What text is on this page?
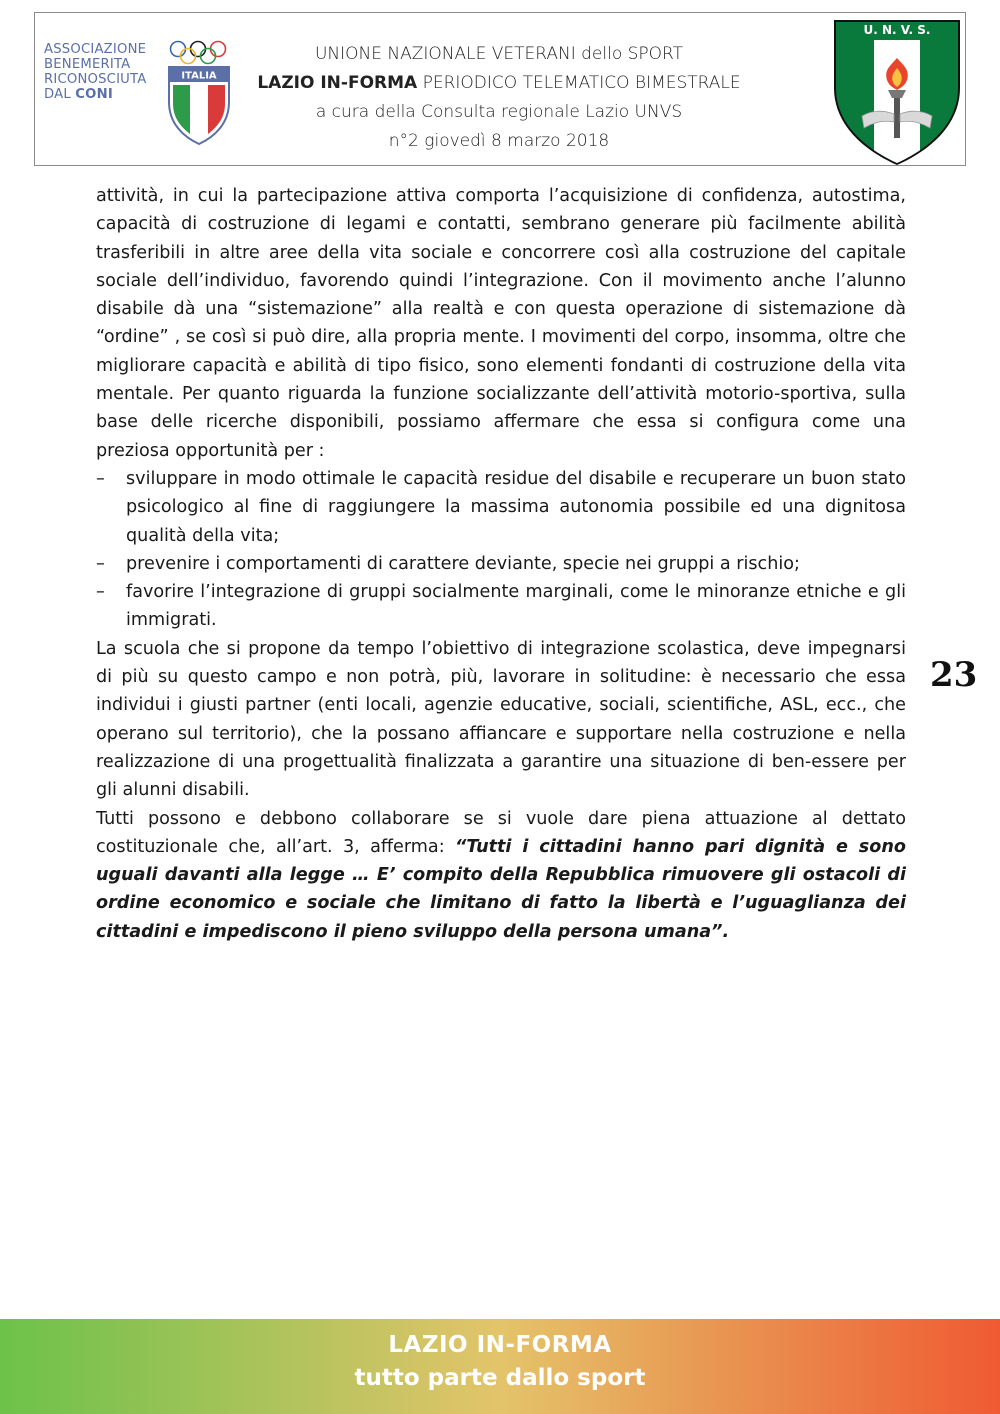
ASSOCIAZIONE
BENEMERITA
RICONOSCIUTA
DAL CONI
ITALIA
UNIONE NAZIONALE VETERANI dello SPORT
LAZIO IN-FORMA PERIODICO TELEMATICO BIMESTRALE
a cura della Consulta regionale Lazio UNVS
n°2 giovedì 8 marzo 2018
U. N. V. S.
23

attività, in cui la partecipazione attiva comporta l’acquisizione di confidenza, autostima, capacità di costruzione di legami e contatti, sembrano generare più facilmente abilità trasferibili in altre aree della vita sociale e concorrere così alla costruzione del capitale sociale dell’individuo, favorendo quindi l’integrazione. Con il movimento anche l’alunno disabile dà una “sistemazione” alla realtà e con questa operazione di sistemazione dà “ordine” , se così si può dire, alla propria mente. I movimenti del corpo, insomma, oltre che migliorare capacità e abilità di tipo fisico, sono elementi fondanti di costruzione della vita mentale. Per quanto riguarda la funzione socializzante dell’attività motorio-sportiva, sulla base delle ricerche disponibili, possiamo affermare che essa si configura come una preziosa opportunità per :

– sviluppare in modo ottimale le capacità residue del disabile e recuperare un buon stato psicologico al fine di raggiungere la massima autonomia possibile ed una dignitosa qualità della vita;
– prevenire i comportamenti di carattere deviante, specie nei gruppi a rischio;
– favorire l’integrazione di gruppi socialmente marginali, come le minoranze etniche e gli immigrati.

La scuola che si propone da tempo l’obiettivo di integrazione scolastica, deve impegnarsi di più su questo campo e non potrà, più, lavorare in solitudine: è necessario che essa individui i giusti partner (enti locali, agenzie educative, sociali, scientifiche, ASL, ecc., che operano sul territorio), che la possano affiancare e supportare nella costruzione e nella realizzazione di una progettualità finalizzata a garantire una situazione di ben-essere per gli alunni disabili.

Tutti possono e debbono collaborare se si vuole dare piena attuazione al dettato costituzionale che, all’art. 3, afferma: “Tutti i cittadini hanno pari dignità e sono uguali davanti alla legge … E’ compito della Repubblica rimuovere gli ostacoli di ordine economico e sociale che limitano di fatto la libertà e l’uguaglianza dei cittadini e impediscono il pieno sviluppo della persona umana”.

LAZIO IN-FORMA
tutto parte dallo sport
